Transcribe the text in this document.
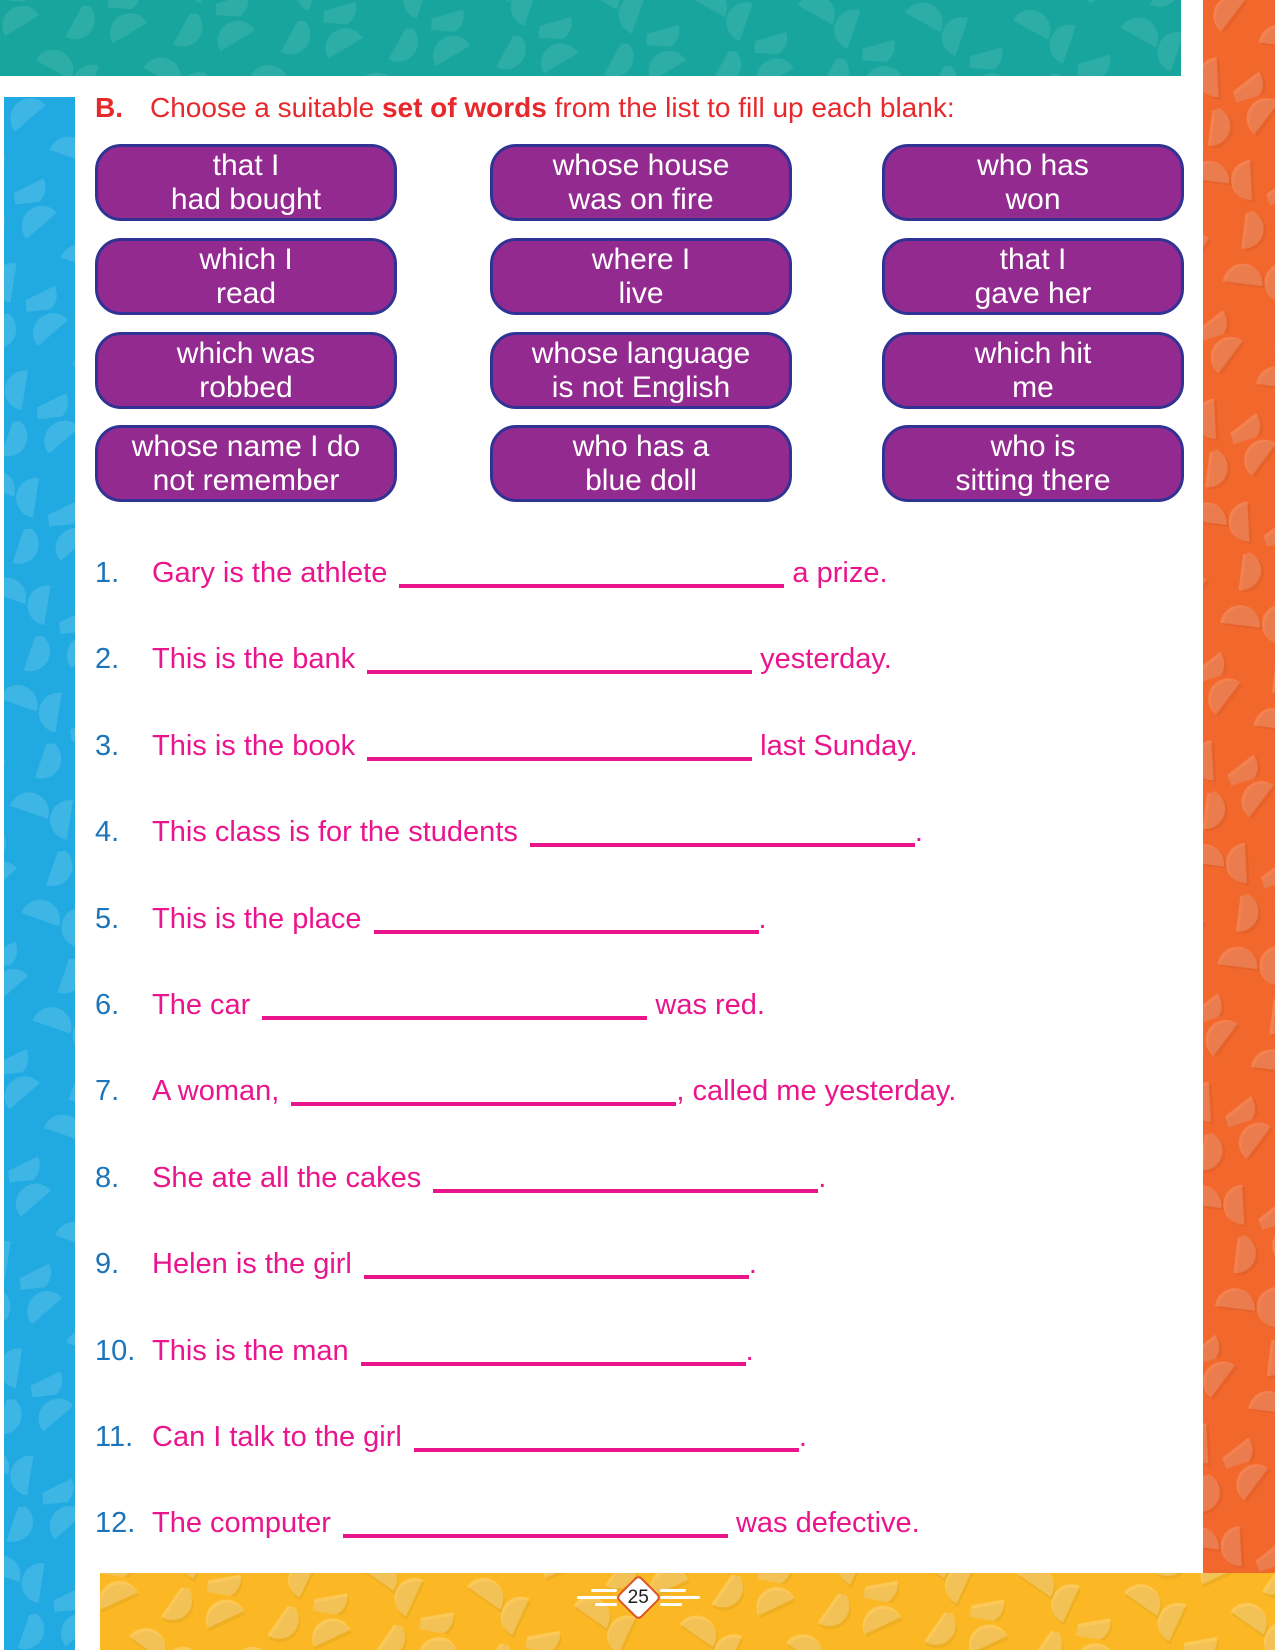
B. Choose a suitable set of words from the list to fill up each blank:
that I
had bought
whose house
was on fire
who has
won
which I
read
where I
live
that I
gave her
which was
robbed
whose language
is not English
which hit
me
whose name I do
not remember
who has a
blue doll
who is
sitting there
1. Gary is the athlete	a prize.
2. This is the bank	yesterday.
3. This is the book	last Sunday.
4. This class is for the students	.
5. This is the place	.
6. The car	was red.
7. A woman,	, called me yesterday.
8. She ate all the cakes	.
9. Helen is the girl	.
10. This is the man	.
11. Can I talk to the girl	.
12. The computer	was defective.
25
